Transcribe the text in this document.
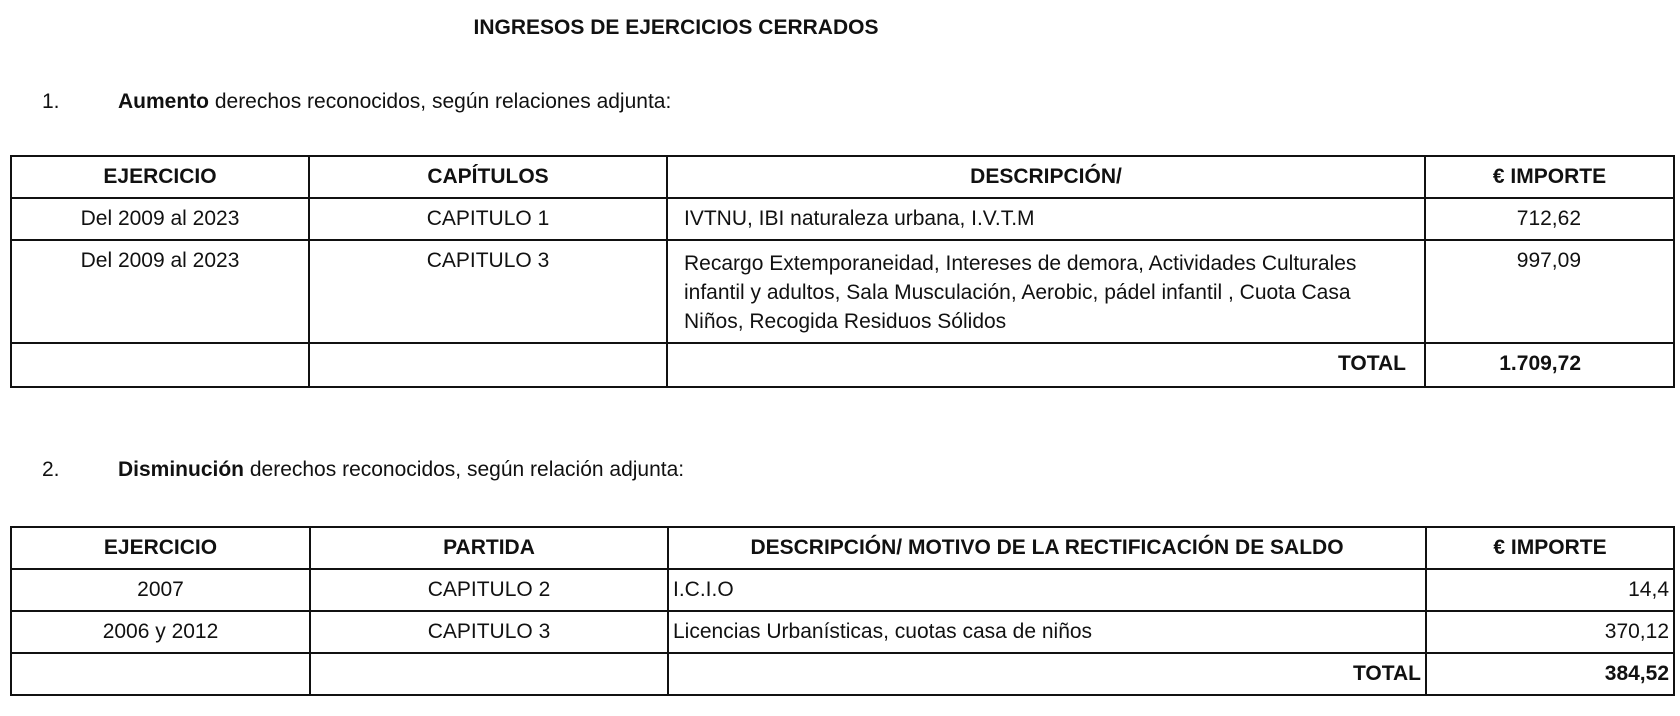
INGRESOS DE EJERCICIOS CERRADOS
1.	Aumento derechos reconocidos, según relaciones adjunta:
EJERCICIO	CAPÍTULOS	DESCRIPCIÓN/	€ IMPORTE
Del 2009 al 2023	CAPITULO 1	IVTNU, IBI naturaleza urbana, I.V.T.M	712,62
Del 2009 al 2023	CAPITULO 3	Recargo Extemporaneidad, Intereses de demora, Actividades Culturales infantil y adultos, Sala Musculación, Aerobic, pádel infantil , Cuota Casa Niños, Recogida Residuos Sólidos	997,09
		TOTAL	1.709,72
2.	Disminución derechos reconocidos, según relación adjunta:
EJERCICIO	PARTIDA	DESCRIPCIÓN/ MOTIVO DE LA RECTIFICACIÓN DE SALDO	€ IMPORTE
2007	CAPITULO 2	I.C.I.O	14,4
2006 y 2012	CAPITULO 3	Licencias Urbanísticas, cuotas casa de niños	370,12
		TOTAL	384,52
